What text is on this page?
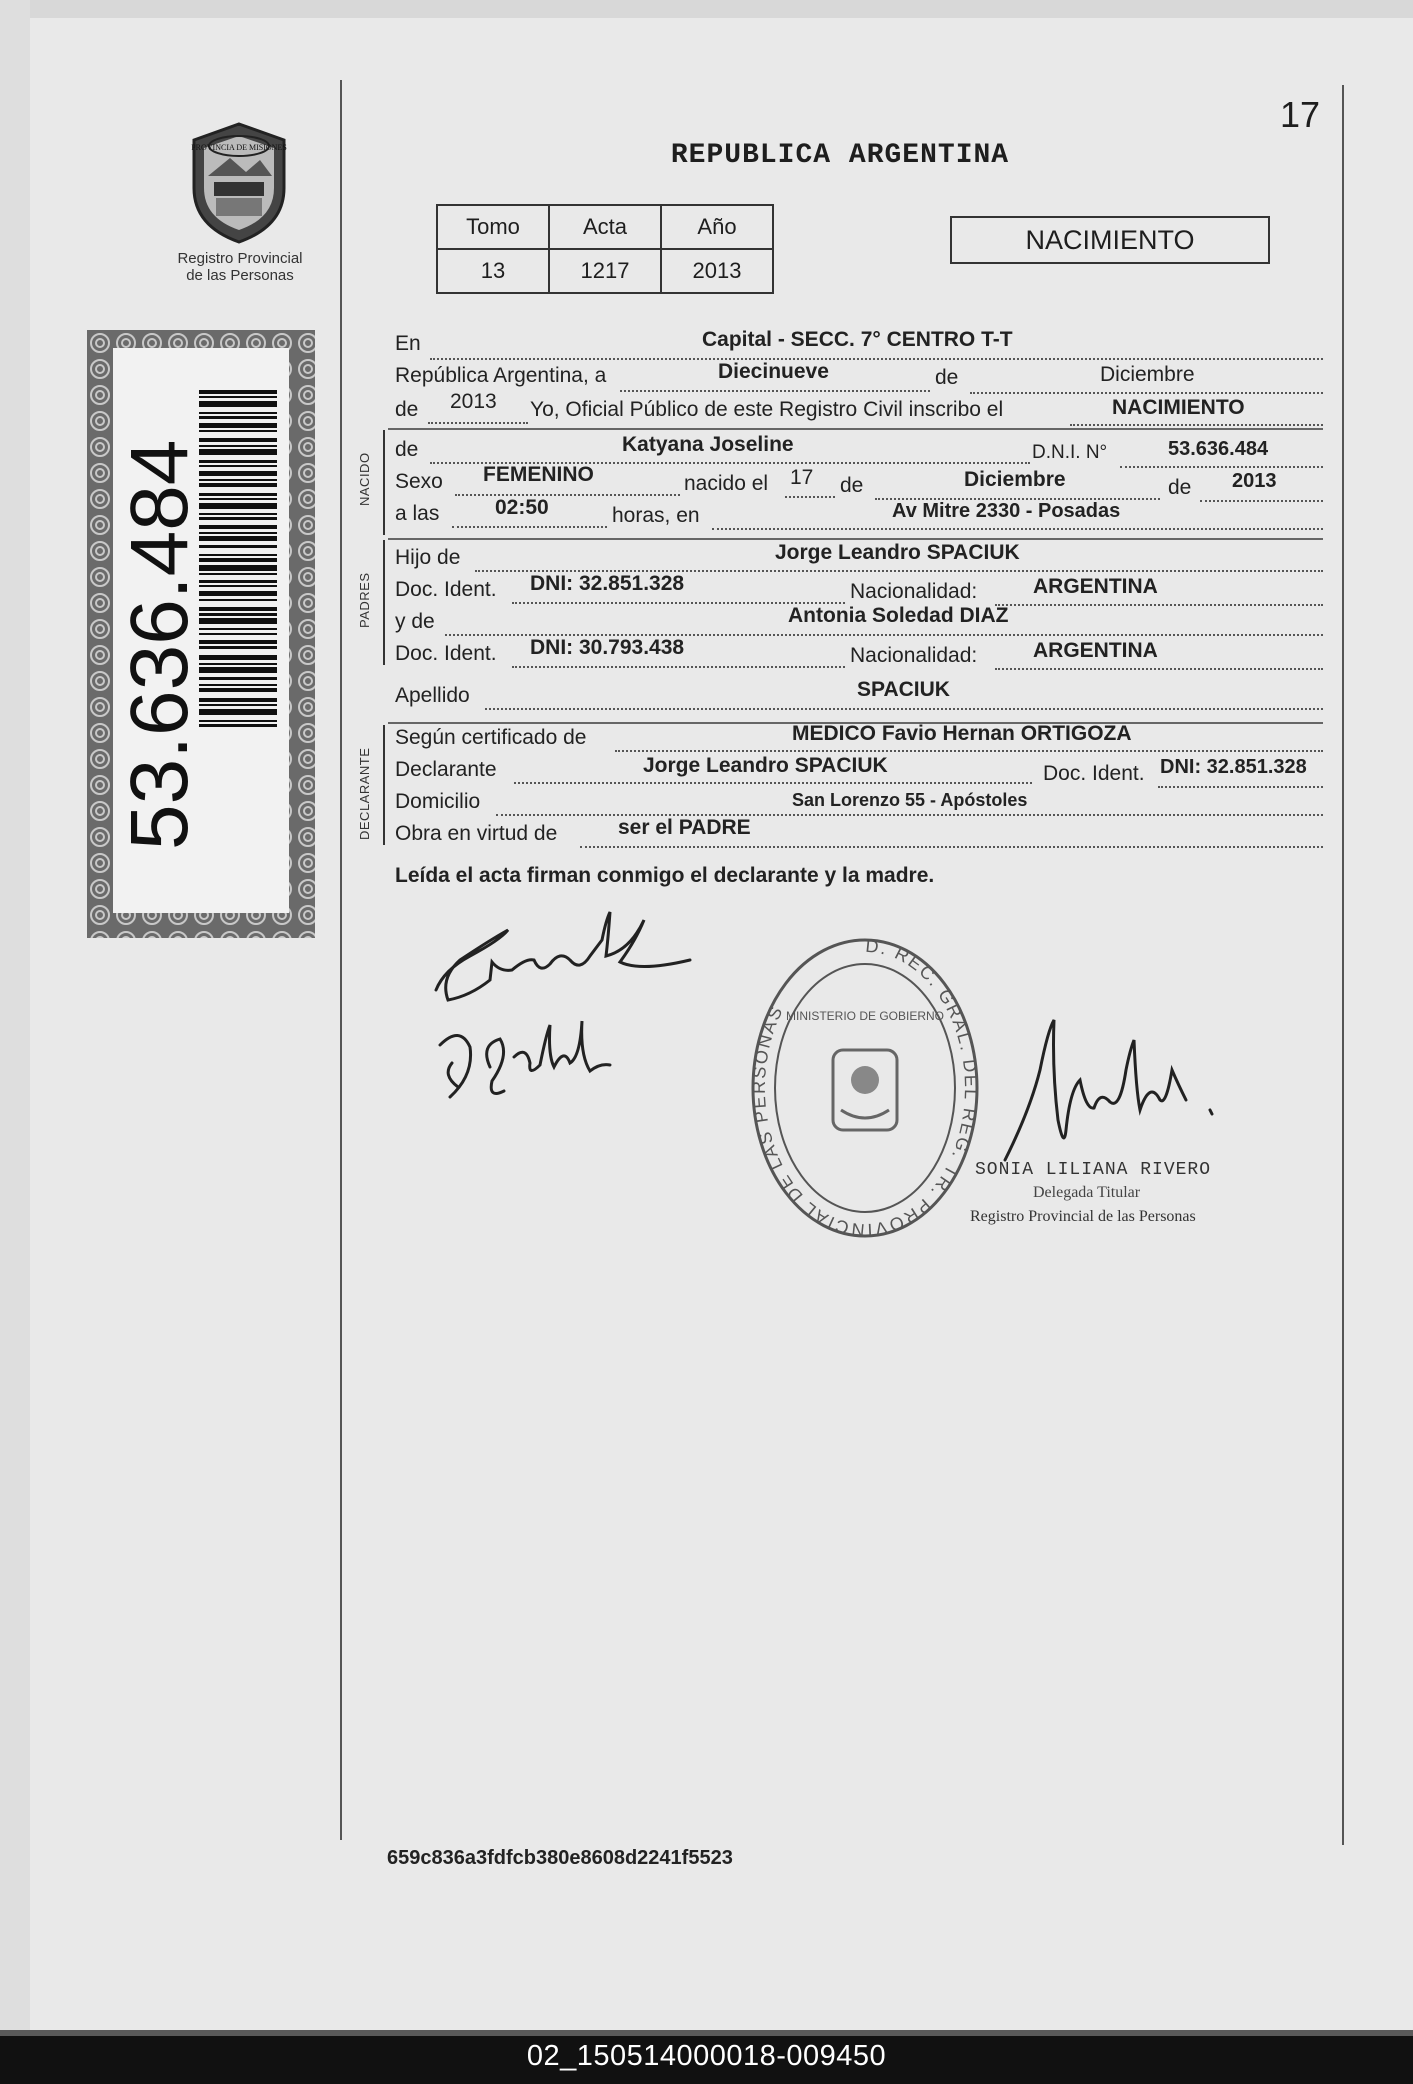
17
PROVINCIA DE MISIONES
Registro Provincial
de las Personas
REPUBLICA ARGENTINA
Tomo	Acta	Año
13	1217	2013
NACIMIENTO
53.636.484	NACIDO
PADRES
DECLARANTE
En	Capital - SECC. 7° CENTRO T-T
República Argentina, a	Diecinueve	de	Diciembre
de 2013 Yo, Oficial Público de este Registro Civil inscribo el	NACIMIENTO
de	Katyana Joseline	D.N.I. N°	53.636.484
Sexo FEMENINO	nacido el 17 de	Diciembre	de 2013
a las	02:50	horas, en	Av Mitre 2330 - Posadas
Hijo de	Jorge Leandro SPACIUK
Doc. Ident. DNI: 32.851.328	Nacionalidad:	ARGENTINA
y de	Antonia Soledad DIAZ
Doc. Ident. DNI: 30.793.438	Nacionalidad:	ARGENTINA
Apellido	SPACIUK
Según certificado de	MEDICO Favio Hernan ORTIGOZA
Declarante	Jorge Leandro SPACIUK	Doc. Ident. DNI: 32.851.328
Domicilio	San Lorenzo 55 - Apóstoles
Obra en virtud de	ser el PADRE
Leída el acta firman conmigo el declarante y la madre.
D. REC. GRAL. DEL REG. TR. PROVINCIAL DE LAS PERSONAS
MINISTERIO DE GOBIERNO
SONIA LILIANA RIVERO
Delegada Titular
Registro Provincial de las Personas
659c836a3fdfcb380e8608d2241f5523
02_150514000018-009450
